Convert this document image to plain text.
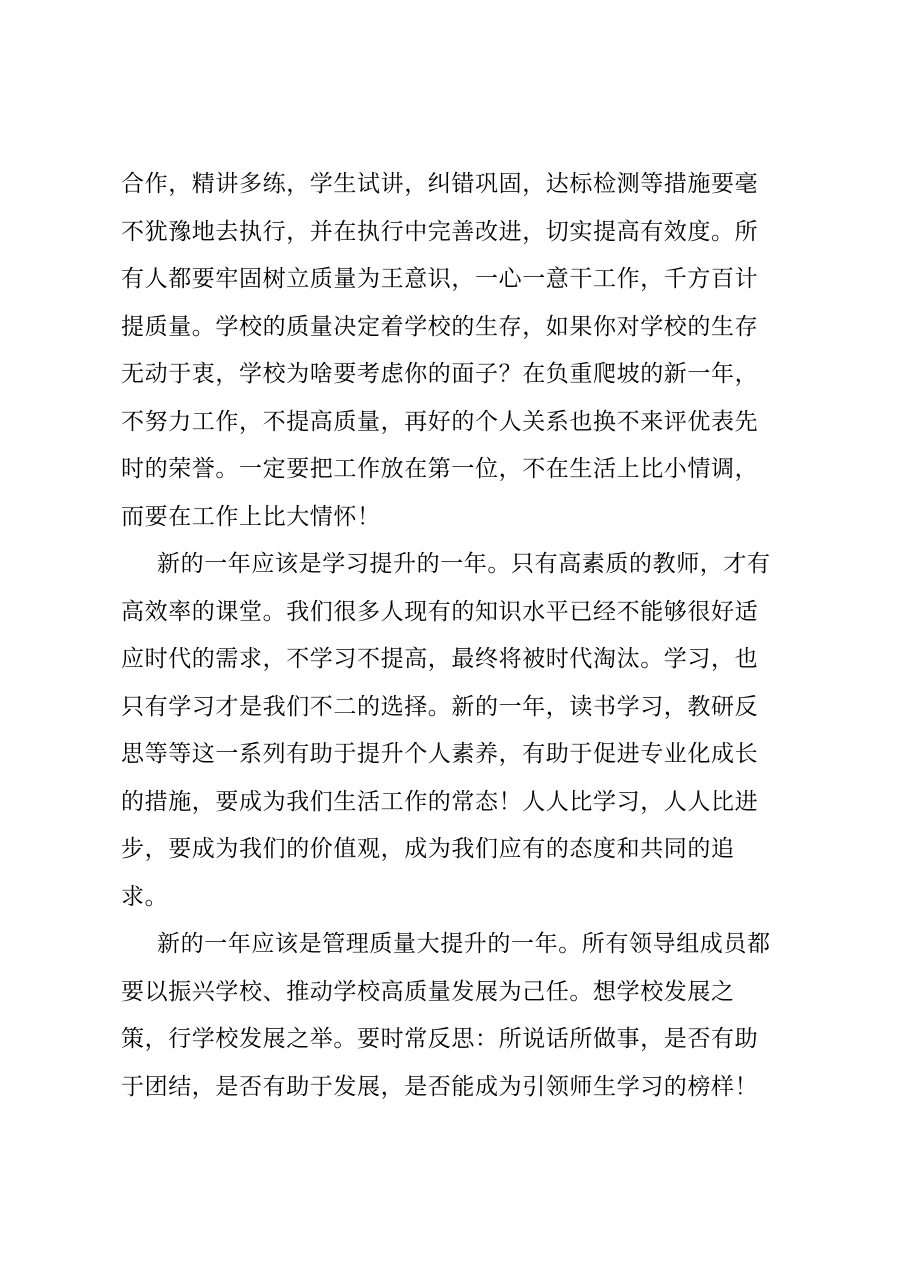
合作，精讲多练，学生试讲，纠错巩固，达标检测等措施要毫
不犹豫地去执行，并在执行中完善改进，切实提高有效度。所
有人都要牢固树立质量为王意识，一心一意干工作，千方百计
提质量。学校的质量决定着学校的生存，如果你对学校的生存
无动于衷，学校为啥要考虑你的面子？在负重爬坡的新一年，
不努力工作，不提高质量，再好的个人关系也换不来评优表先
时的荣誉。一定要把工作放在第一位，不在生活上比小情调，
而要在工作上比大情怀！
新的一年应该是学习提升的一年。只有高素质的教师，才有
高效率的课堂。我们很多人现有的知识水平已经不能够很好适
应时代的需求，不学习不提高，最终将被时代淘汰。学习，也
只有学习才是我们不二的选择。新的一年，读书学习，教研反
思等等这一系列有助于提升个人素养，有助于促进专业化成长
的措施，要成为我们生活工作的常态！人人比学习，人人比进
步，要成为我们的价值观，成为我们应有的态度和共同的追
求。
新的一年应该是管理质量大提升的一年。所有领导组成员都
要以振兴学校、推动学校高质量发展为己任。想学校发展之
策，行学校发展之举。要时常反思：所说话所做事，是否有助
于团结，是否有助于发展，是否能成为引领师生学习的榜样！
